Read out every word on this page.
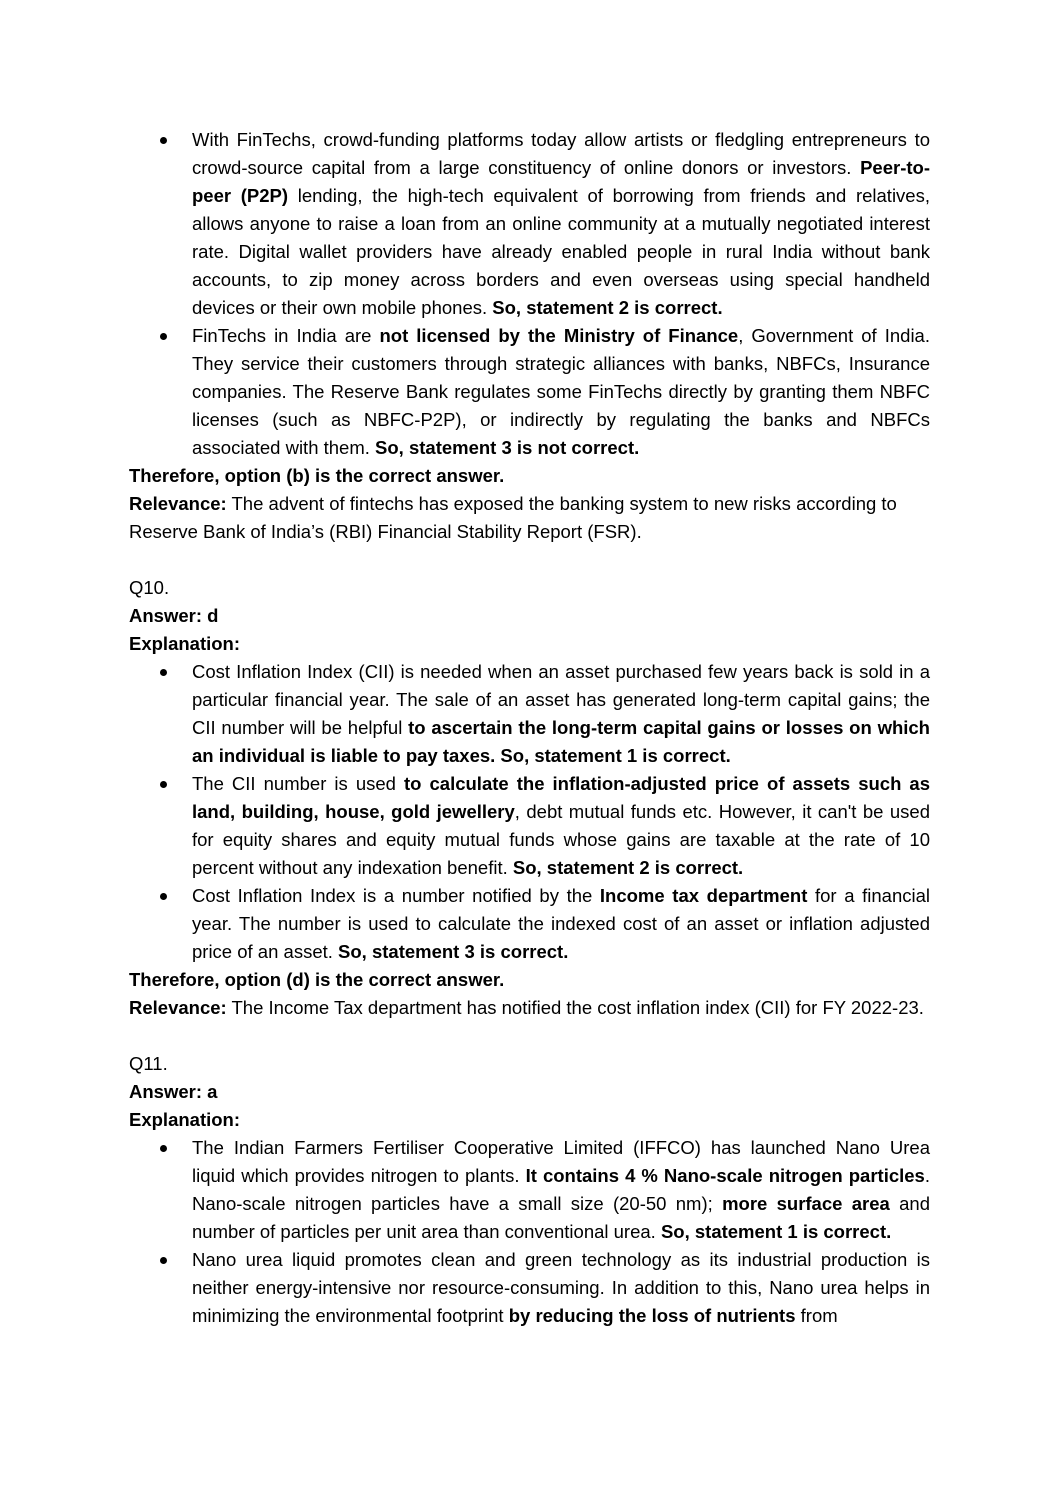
With FinTechs, crowd-funding platforms today allow artists or fledgling entrepreneurs to crowd-source capital from a large constituency of online donors or investors. Peer-to-peer (P2P) lending, the high-tech equivalent of borrowing from friends and relatives, allows anyone to raise a loan from an online community at a mutually negotiated interest rate. Digital wallet providers have already enabled people in rural India without bank accounts, to zip money across borders and even overseas using special handheld devices or their own mobile phones. So, statement 2 is correct.
FinTechs in India are not licensed by the Ministry of Finance, Government of India. They service their customers through strategic alliances with banks, NBFCs, Insurance companies. The Reserve Bank regulates some FinTechs directly by granting them NBFC licenses (such as NBFC-P2P), or indirectly by regulating the banks and NBFCs associated with them. So, statement 3 is not correct.

Therefore, option (b) is the correct answer.

Relevance: The advent of fintechs has exposed the banking system to new risks according to Reserve Bank of India’s (RBI) Financial Stability Report (FSR).

Q10.

Answer: d

Explanation:

Cost Inflation Index (CII) is needed when an asset purchased few years back is sold in a particular financial year. The sale of an asset has generated long-term capital gains; the CII number will be helpful to ascertain the long-term capital gains or losses on which an individual is liable to pay taxes. So, statement 1 is correct.
The CII number is used to calculate the inflation-adjusted price of assets such as land, building, house, gold jewellery, debt mutual funds etc. However, it can't be used for equity shares and equity mutual funds whose gains are taxable at the rate of 10 percent without any indexation benefit. So, statement 2 is correct.
Cost Inflation Index is a number notified by the Income tax department for a financial year. The number is used to calculate the indexed cost of an asset or inflation adjusted price of an asset. So, statement 3 is correct.

Therefore, option (d) is the correct answer.

Relevance: The Income Tax department has notified the cost inflation index (CII) for FY 2022-23.

Q11.

Answer: a

Explanation:

The Indian Farmers Fertiliser Cooperative Limited (IFFCO) has launched Nano Urea liquid which provides nitrogen to plants. It contains 4 % Nano-scale nitrogen particles. Nano-scale nitrogen particles have a small size (20-50 nm); more surface area and number of particles per unit area than conventional urea. So, statement 1 is correct.
Nano urea liquid promotes clean and green technology as its industrial production is neither energy-intensive nor resource-consuming. In addition to this, Nano urea helps in minimizing the environmental footprint by reducing the loss of nutrients from
